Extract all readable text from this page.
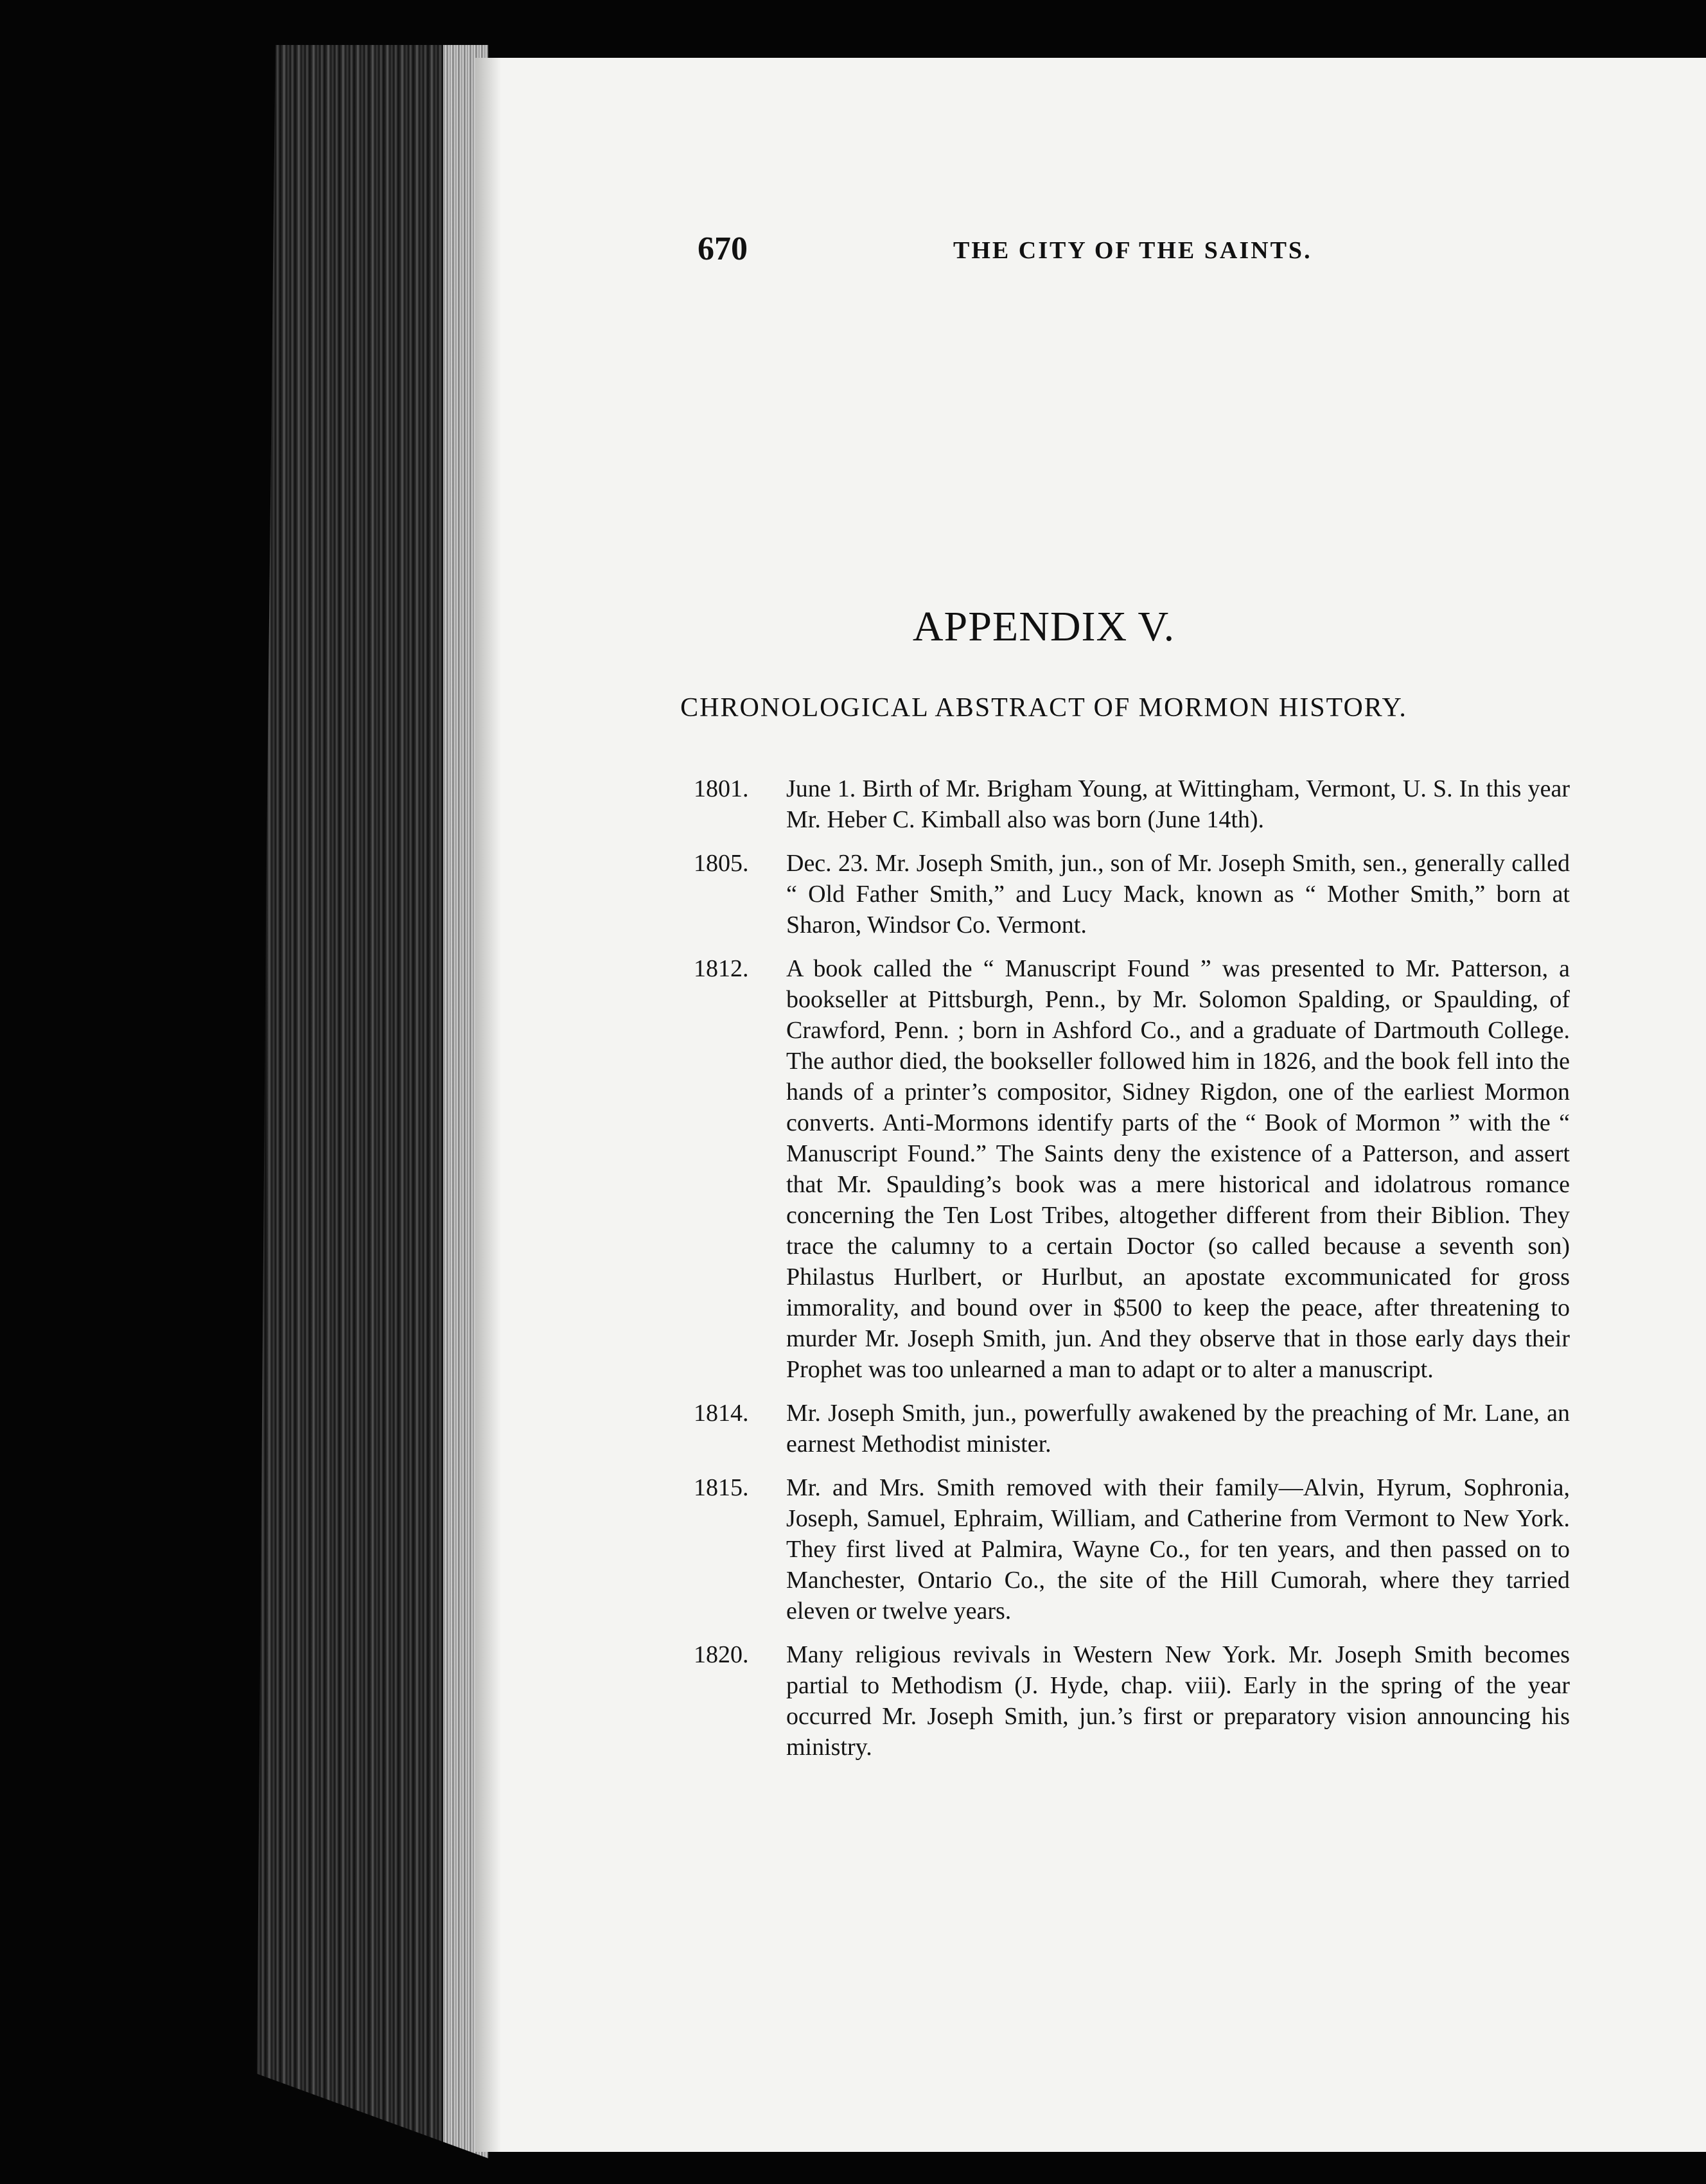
670	THE CITY OF THE SAINTS.
APPENDIX V.
CHRONOLOGICAL ABSTRACT OF MORMON HISTORY.
1801.	June 1. Birth of Mr. Brigham Young, at Wittingham, Vermont, U. S. In this year Mr. Heber C. Kimball also was born (June 14th).
1805.	Dec. 23. Mr. Joseph Smith, jun., son of Mr. Joseph Smith, sen., generally called “ Old Father Smith,” and Lucy Mack, known as “ Mother Smith,” born at Sharon, Windsor Co. Vermont.
1812.	A book called the “ Manuscript Found ” was presented to Mr. Patterson, a bookseller at Pittsburgh, Penn., by Mr. Solomon Spalding, or Spaulding, of Crawford, Penn. ; born in Ashford Co., and a graduate of Dartmouth College. The author died, the bookseller followed him in 1826, and the book fell into the hands of a printer’s compositor, Sidney Rigdon, one of the earliest Mormon converts. Anti-Mormons identify parts of the “ Book of Mormon ” with the “ Manuscript Found.” The Saints deny the existence of a Patterson, and assert that Mr. Spaulding’s book was a mere historical and idolatrous romance concerning the Ten Lost Tribes, altogether different from their Biblion. They trace the calumny to a certain Doctor (so called because a seventh son) Philastus Hurlbert, or Hurlbut, an apostate excommunicated for gross immorality, and bound over in $500 to keep the peace, after threatening to murder Mr. Joseph Smith, jun. And they observe that in those early days their Prophet was too unlearned a man to adapt or to alter a manuscript.
1814.	Mr. Joseph Smith, jun., powerfully awakened by the preaching of Mr. Lane, an earnest Methodist minister.
1815.	Mr. and Mrs. Smith removed with their family—Alvin, Hyrum, Sophronia, Joseph, Samuel, Ephraim, William, and Catherine from Vermont to New York. They first lived at Palmira, Wayne Co., for ten years, and then passed on to Manchester, Ontario Co., the site of the Hill Cumorah, where they tarried eleven or twelve years.
1820.	Many religious revivals in Western New York. Mr. Joseph Smith becomes partial to Methodism (J. Hyde, chap. viii). Early in the spring of the year occurred Mr. Joseph Smith, jun.’s first or preparatory vision announcing his ministry.
